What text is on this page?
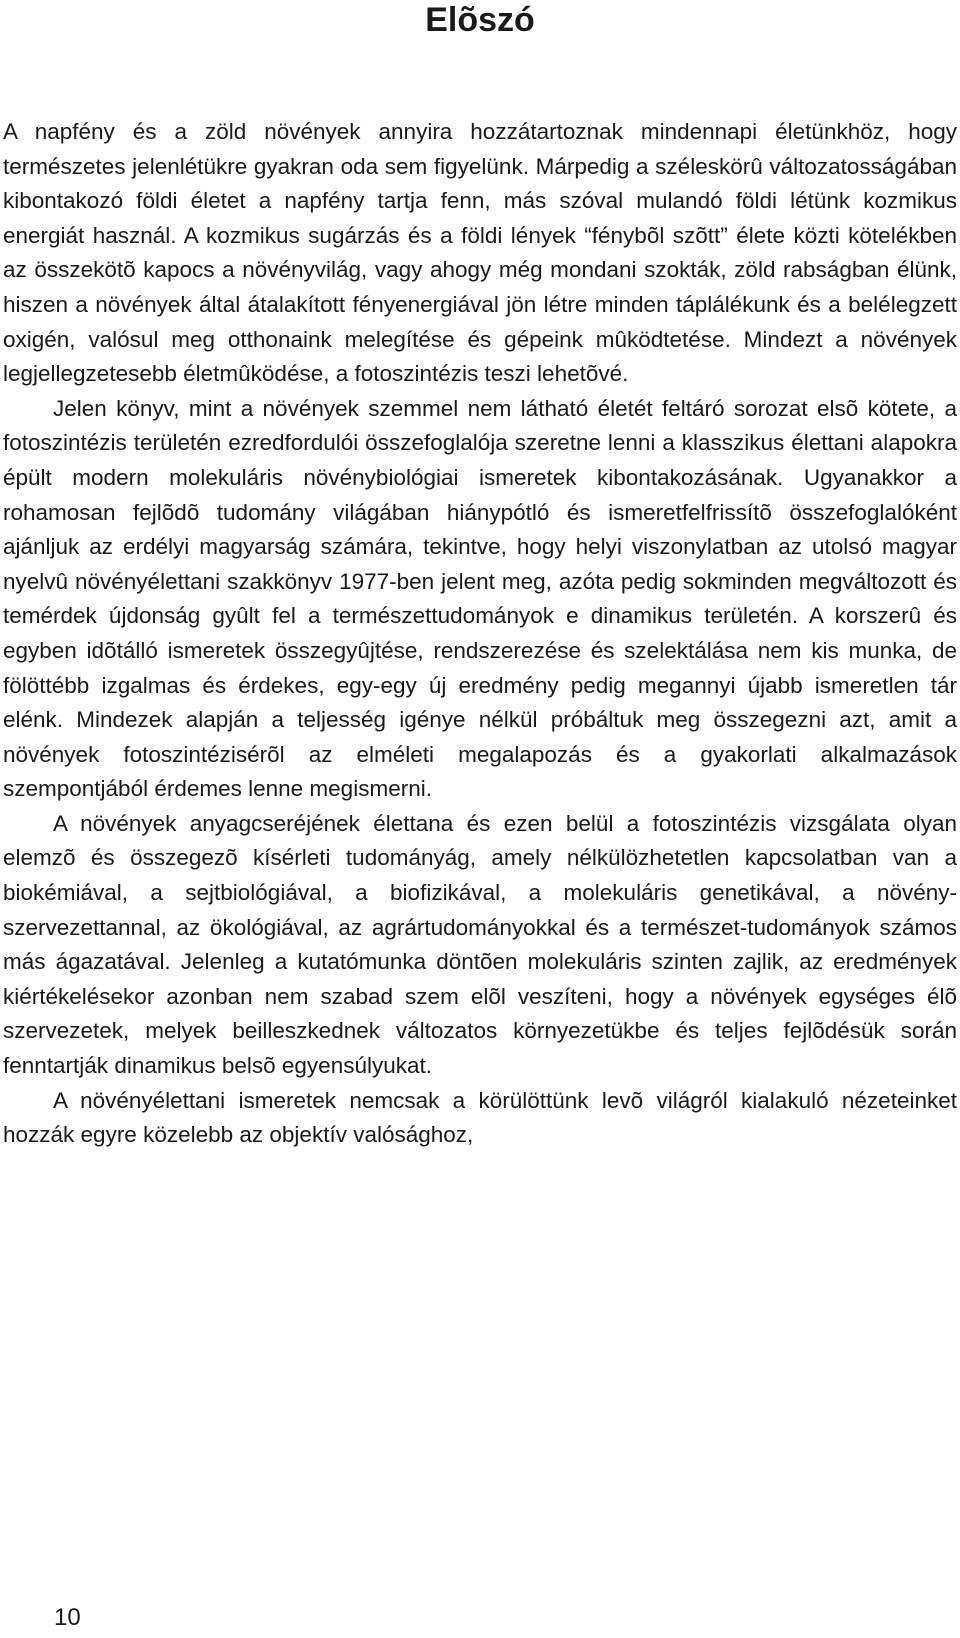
Elõszó

A napfény és a zöld növények annyira hozzátartoznak mindennapi életünkhöz, hogy természetes jelenlétükre gyakran oda sem figyelünk. Márpedig a széleskörû változatosságában kibontakozó földi életet a napfény tartja fenn, más szóval mulandó földi létünk kozmikus energiát használ. A kozmikus sugárzás és a földi lények “fénybõl szõtt” élete közti kötelékben az összekötõ kapocs a növényvilág, vagy ahogy még mondani szokták, zöld rabságban élünk, hiszen a növények által átalakított fényenergiával jön létre minden táplálékunk és a belélegzett oxigén, valósul meg otthonaink melegítése és gépeink mûködtetése. Mindezt a növények legjellegzetesebb életmûködése, a fotoszintézis teszi lehetõvé.

Jelen könyv, mint a növények szemmel nem látható életét feltáró sorozat elsõ kötete, a fotoszintézis területén ezredfordulói összefoglalója szeretne lenni a klasszikus élettani alapokra épült modern molekuláris növénybiológiai ismeretek kibontakozásának. Ugyanakkor a rohamosan fejlõdõ tudomány világában hiánypótló és ismeretfelfrissítõ összefoglalóként ajánljuk az erdélyi magyarság számára, tekintve, hogy helyi viszonylatban az utolsó magyar nyelvû növényélettani szakkönyv 1977-ben jelent meg, azóta pedig sokminden megváltozott és temérdek újdonság gyûlt fel a természettudományok e dinamikus területén. A korszerû és egyben idõtálló ismeretek összegyûjtése, rendszerezése és szelektálása nem kis munka, de fölöttébb izgalmas és érdekes, egy-egy új eredmény pedig megannyi újabb ismeretlen tár elénk. Mindezek alapján a teljesség igénye nélkül próbáltuk meg összegezni azt, amit a növények fotoszintézisérõl az elméleti megalapozás és a gyakorlati alkalmazások szempontjából érdemes lenne megismerni.

A növények anyagcseréjének élettana és ezen belül a fotoszintézis vizsgálata olyan elemzõ és összegezõ kísérleti tudományág, amely nélkülözhetetlen kapcsolatban van a biokémiával, a sejtbiológiával, a biofizikával, a molekuláris genetikával, a növény-szervezettannal, az ökológiával, az agrártudományokkal és a természet-tudományok számos más ágazatával. Jelenleg a kutatómunka döntõen molekuláris szinten zajlik, az eredmények kiértékelésekor azonban nem szabad szem elõl veszíteni, hogy a növények egységes élõ szervezetek, melyek beilleszkednek változatos környezetükbe és teljes fejlõdésük során fenntartják dinamikus belsõ egyensúlyukat.

A növényélettani ismeretek nemcsak a körülöttünk levõ világról kialakuló nézeteinket hozzák egyre közelebb az objektív valósághoz,

10
